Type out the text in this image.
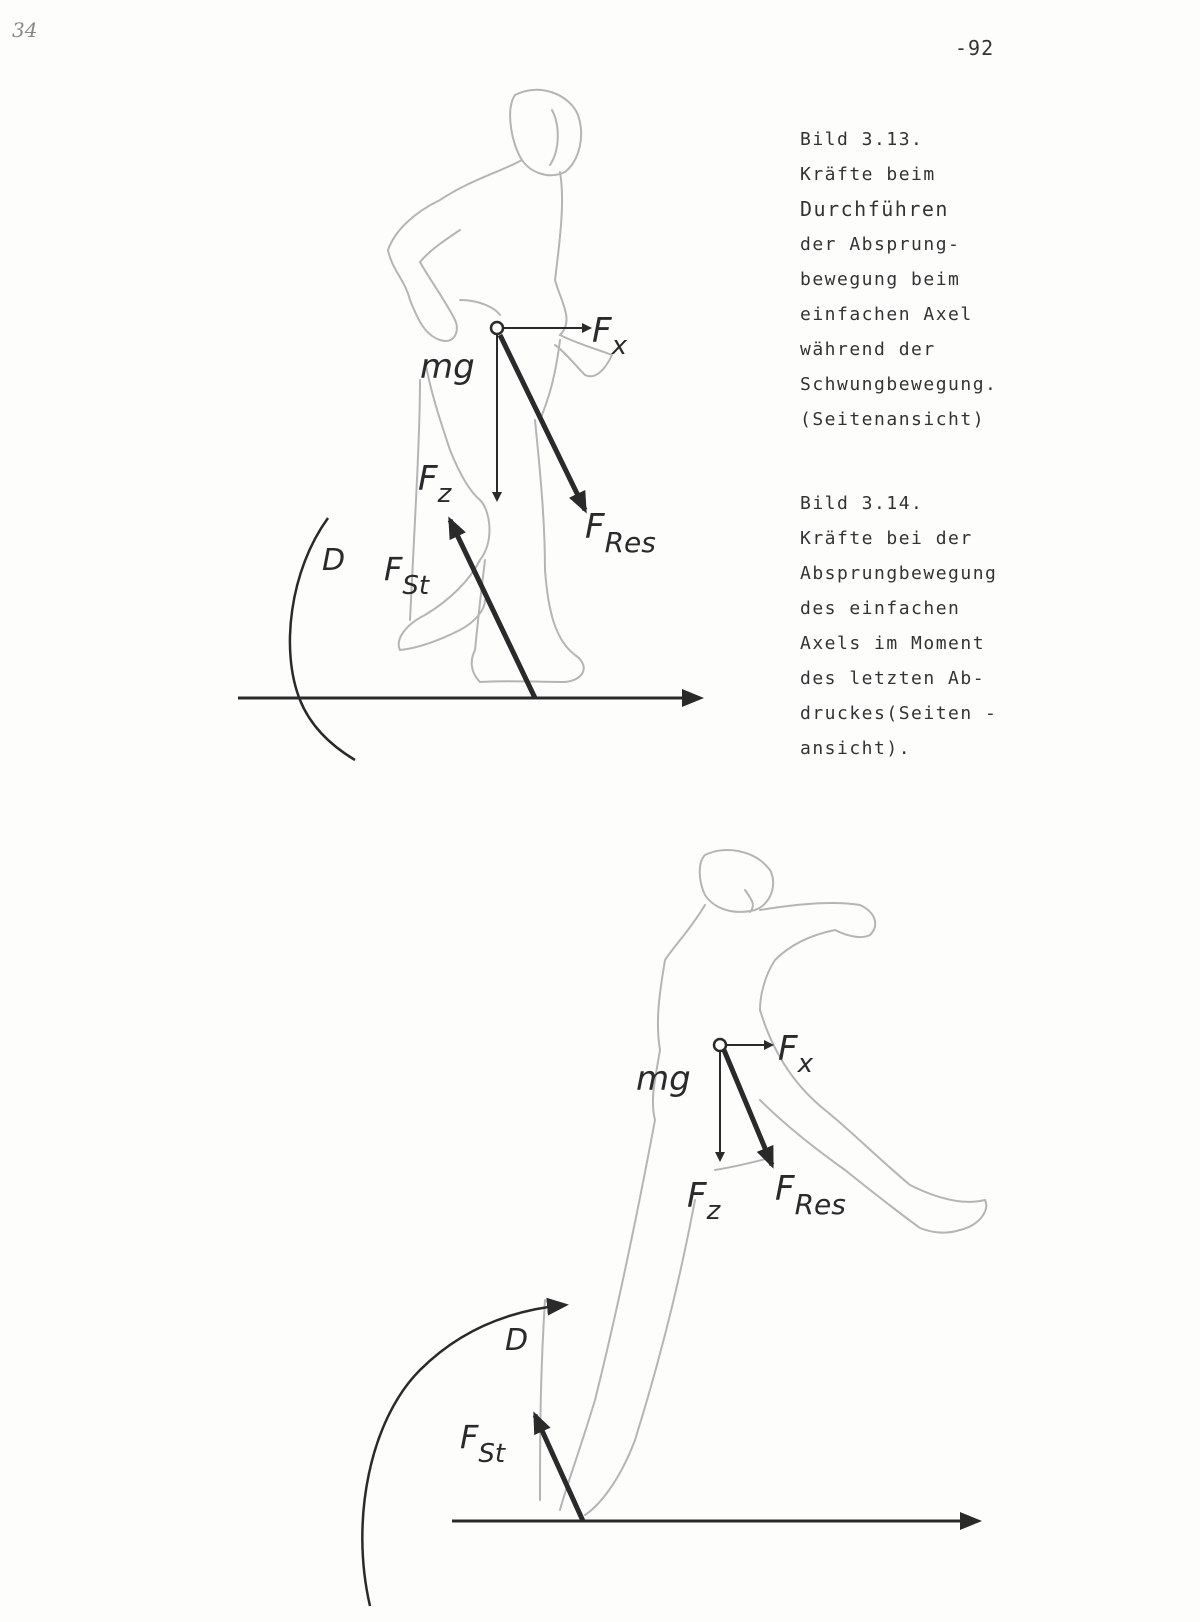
34
-92
Bild 3.13.
Kräfte beim
Durchführen
der Absprung-
bewegung beim
einfachen Axel
während der
Schwungbewegung.
(Seitenansicht)
Bild 3.14.
Kräfte bei der
Absprungbewegung
des einfachen
Axels im Moment
des letzten Ab-
druckes(Seiten -
ansicht).
$F_x$
mg
$F_z$
$F_{Res}$
$F_{St}$
D
$F_x$
mg
$F_z$
$F_{Res}$
$F_{St}$
D
